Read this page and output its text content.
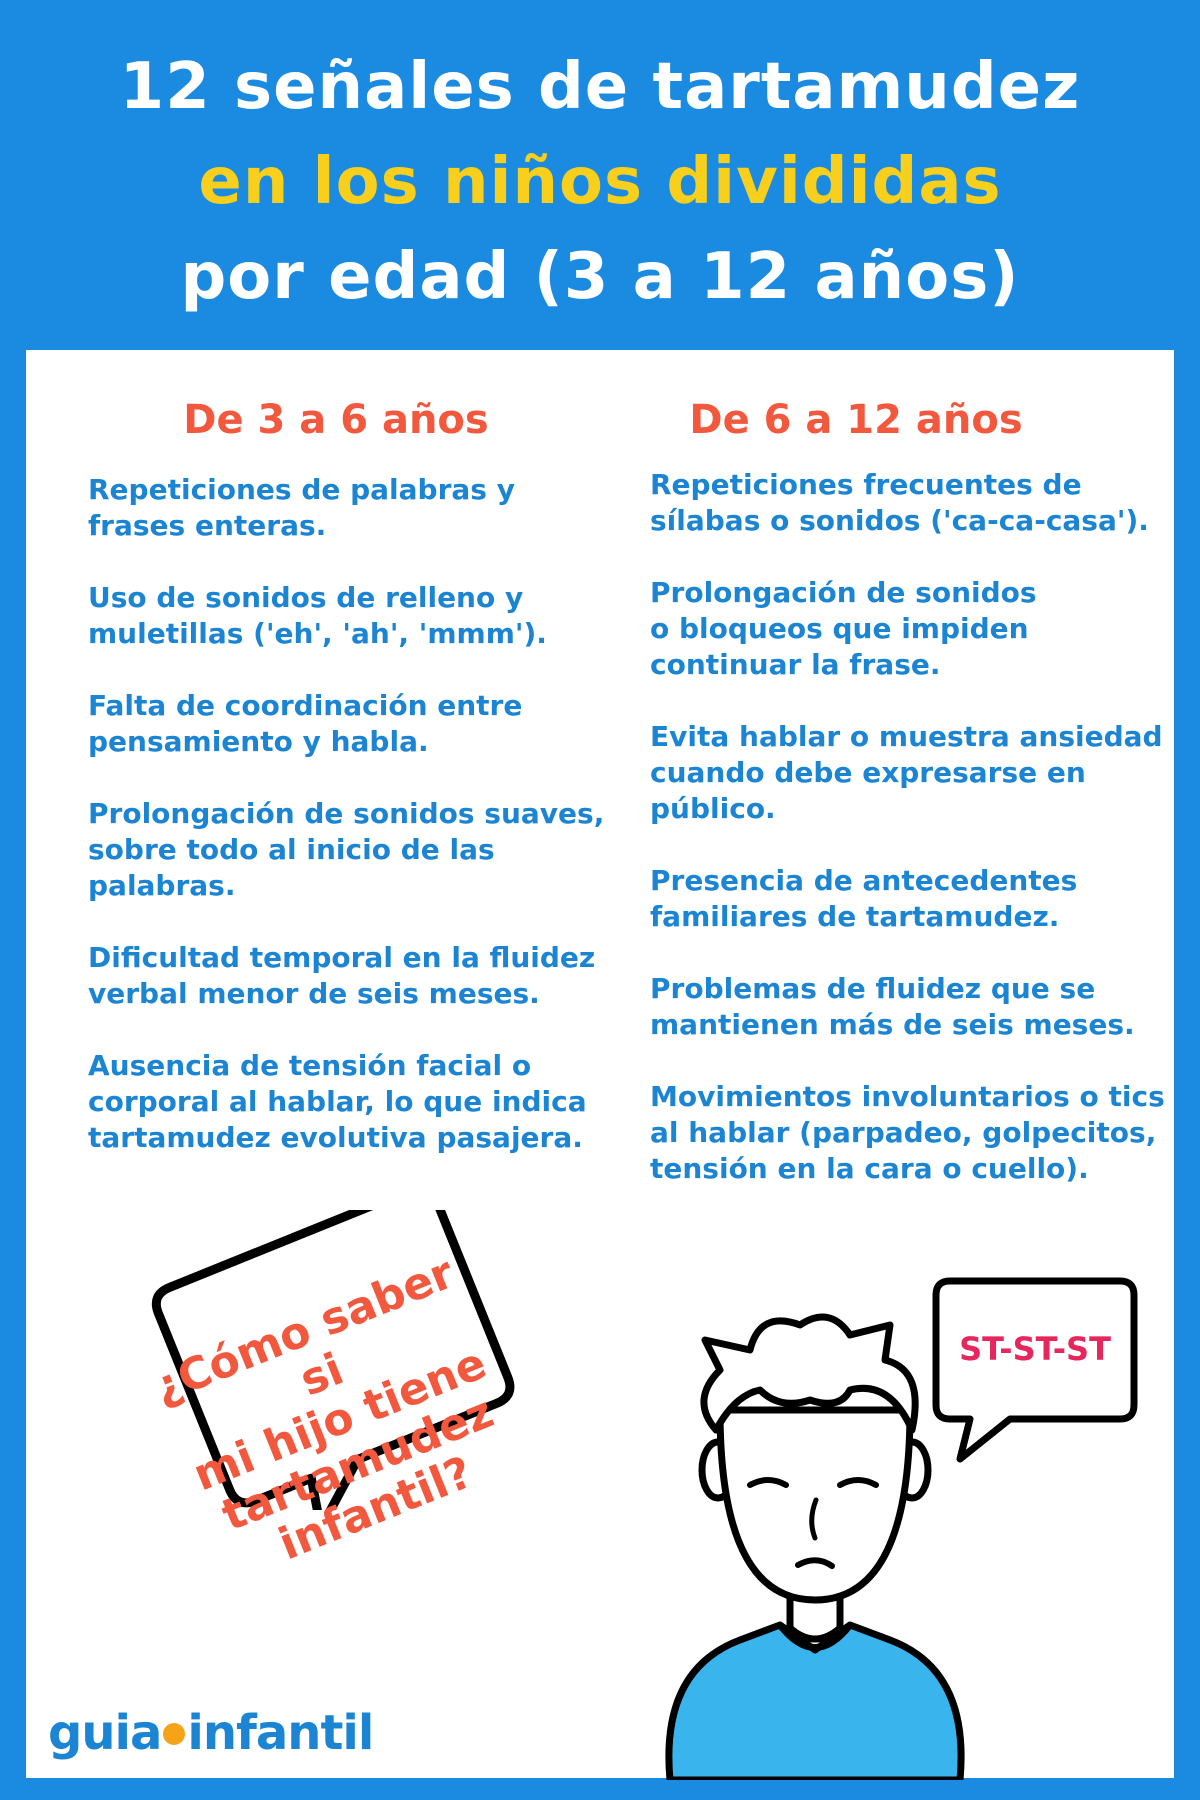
12 señales de tartamudez
en los niños divididas
por edad (3 a 12 años)
De 3 a 6 años	De 6 a 12 años
Repeticiones de palabras y
frases enteras.
Uso de sonidos de relleno y
muletillas ('eh', 'ah', 'mmm').
Falta de coordinación entre
pensamiento y habla.
Prolongación de sonidos suaves,
sobre todo al inicio de las
palabras.
Dificultad temporal en la fluidez
verbal menor de seis meses.
Ausencia de tensión facial o
corporal al hablar, lo que indica
tartamudez evolutiva pasajera.
Repeticiones frecuentes de
sílabas o sonidos ('ca-ca-casa').
Prolongación de sonidos
o bloqueos que impiden
continuar la frase.
Evita hablar o muestra ansiedad
cuando debe expresarse en
público.
Presencia de antecedentes
familiares de tartamudez.
Problemas de fluidez que se
mantienen más de seis meses.
Movimientos involuntarios o tics
al hablar (parpadeo, golpecitos,
tensión en la cara o cuello).
¿Cómo saber si
mi hijo tiene
tartamudez
infantil?
ST-ST-ST
guia infantil
